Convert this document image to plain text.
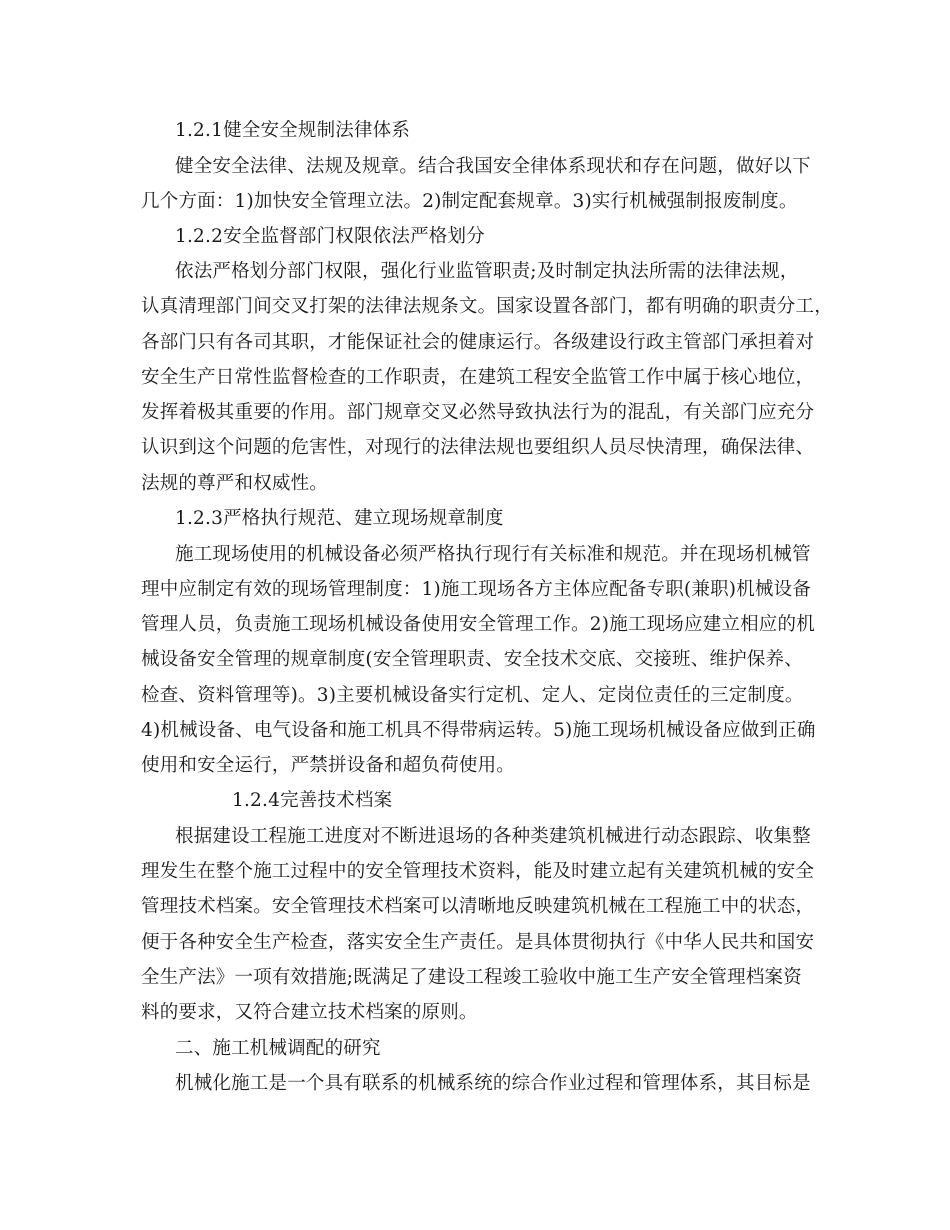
1.2.1健全安全规制法律体系
健全安全法律、法规及规章。结合我国安全律体系现状和存在问题，做好以下
几个方面：1)加快安全管理立法。2)制定配套规章。3)实行机械强制报废制度。
1.2.2安全监督部门权限依法严格划分
依法严格划分部门权限，强化行业监管职责;及时制定执法所需的法律法规，
认真清理部门间交叉打架的法律法规条文。国家设置各部门，都有明确的职责分工，
各部门只有各司其职，才能保证社会的健康运行。各级建设行政主管部门承担着对
安全生产日常性监督检查的工作职责，在建筑工程安全监管工作中属于核心地位，
发挥着极其重要的作用。部门规章交叉必然导致执法行为的混乱，有关部门应充分
认识到这个问题的危害性，对现行的法律法规也要组织人员尽快清理，确保法律、
法规的尊严和权威性。
1.2.3严格执行规范、建立现场规章制度
施工现场使用的机械设备必须严格执行现行有关标准和规范。并在现场机械管
理中应制定有效的现场管理制度：1)施工现场各方主体应配备专职(兼职)机械设备
管理人员，负责施工现场机械设备使用安全管理工作。2)施工现场应建立相应的机
械设备安全管理的规章制度(安全管理职责、安全技术交底、交接班、维护保养、
检查、资料管理等)。3)主要机械设备实行定机、定人、定岗位责任的三定制度。
4)机械设备、电气设备和施工机具不得带病运转。5)施工现场机械设备应做到正确
使用和安全运行，严禁拼设备和超负荷使用。
1.2.4完善技术档案
根据建设工程施工进度对不断进退场的各种类建筑机械进行动态跟踪、收集整
理发生在整个施工过程中的安全管理技术资料，能及时建立起有关建筑机械的安全
管理技术档案。安全管理技术档案可以清晰地反映建筑机械在工程施工中的状态，
便于各种安全生产检查，落实安全生产责任。是具体贯彻执行《中华人民共和国安
全生产法》一项有效措施;既满足了建设工程竣工验收中施工生产安全管理档案资
料的要求，又符合建立技术档案的原则。
二、施工机械调配的研究
机械化施工是一个具有联系的机械系统的综合作业过程和管理体系，其目标是
